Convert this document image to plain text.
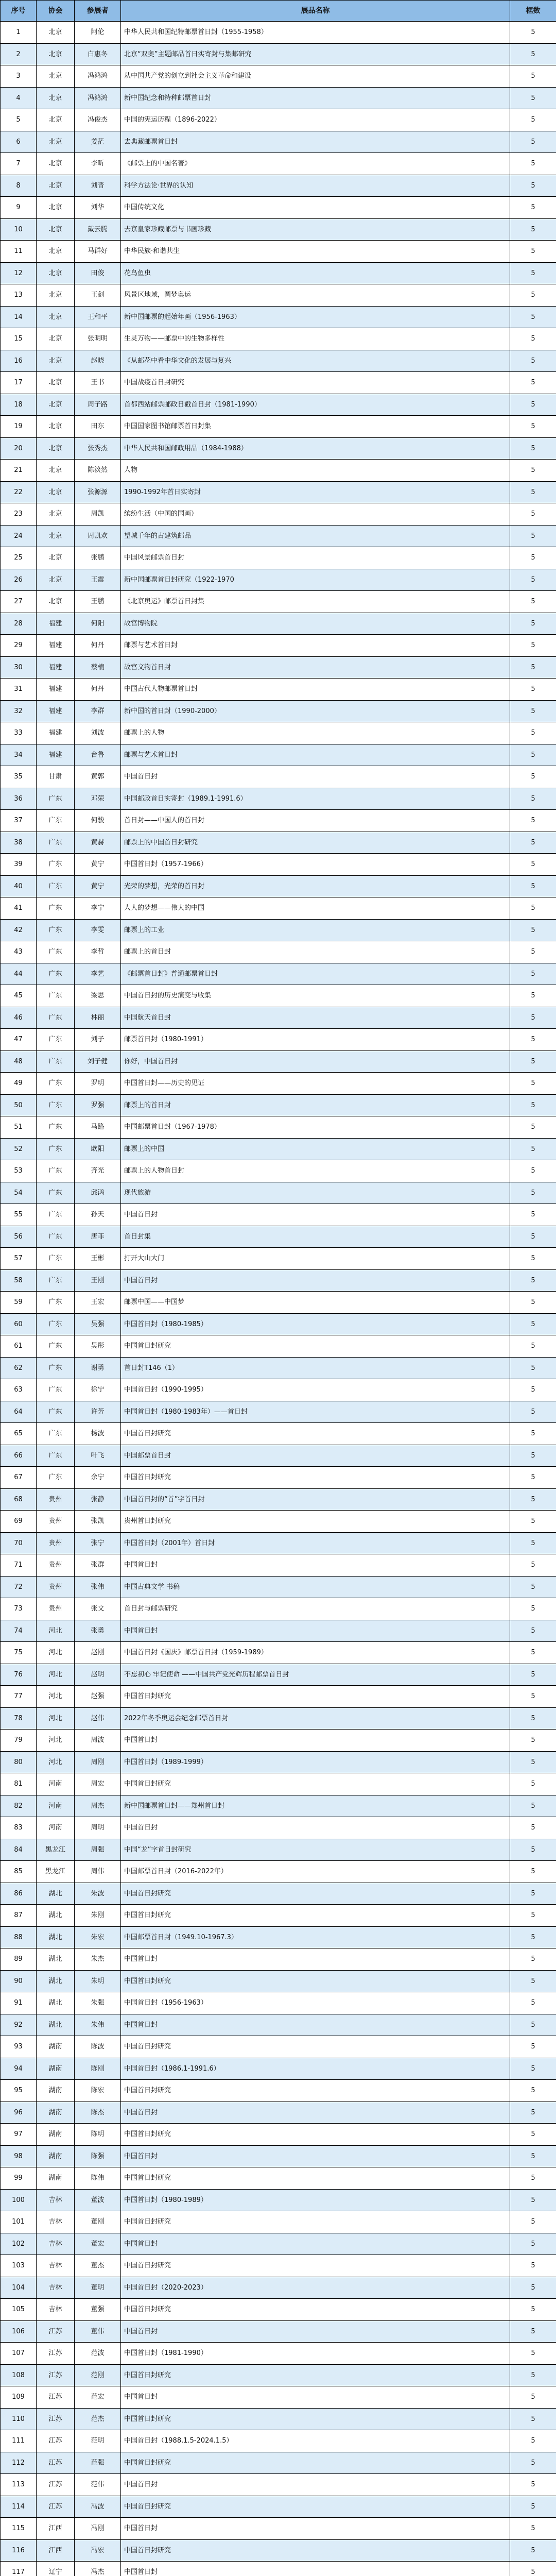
序号	协会	参展者	展品名称	框数
1	北京	阿伦	中华人民共和国纪特邮票首日封（1955-1958）	5
2	北京	白惠冬	北京“双奥”主题邮品首日实寄封与集邮研究	5
3	北京	冯鸿鸿	从中国共产党的创立到社会主义革命和建设	5
4	北京	冯鸿鸿	新中国纪念和特种邮票首日封	5
5	北京	冯俊杰	中国的宪运历程（1896-2022）	5
6	北京	姜茫	去典藏邮票首日封	5
7	北京	李昕	《邮票上的中国名著》	5
8	北京	刘晋	科学方法论·世界的认知	5
9	北京	刘华	中国传统文化	5
10	北京	戴云腾	去京皇家珍藏邮票与书画珍藏	5
11	北京	马群好	中华民族·和谐共生	5
12	北京	田俊	花鸟鱼虫	5
13	北京	王剑	风景区地域，圆梦奥运	5
14	北京	王和平	新中国邮票的起始年画（1956-1963）	5
15	北京	张明明	生灵万物——邮票中的生物多样性	5
16	北京	赵晓	《从邮花中看中华文化的发展与复兴	5
17	北京	王书	中国战疫首日封研究	5
18	北京	周子路	首都西站邮票邮政日戳首日封（1981-1990）	5
19	北京	田东	中国国家图书馆邮票首日封集	5
20	北京	张秀杰	中华人民共和国邮政用品（1984-1988）	5
21	北京	陈淡然	人物	5
22	北京	张源源	1990-1992年首日实寄封	5
23	北京	周凯	缤纷生活（中国的国画）	5
24	北京	周凯欢	望城千年的古建筑邮品	5
25	北京	张鹏	中国风景邮票首日封	5
26	北京	王震	新中国邮票首日封研究（1922-1970	5
27	北京	王鹏	《北京奥运》邮票首日封集	5
28	福建	何阳	故宫博物院	5
29	福建	何丹	邮票与艺术首日封	5
30	福建	蔡楠	故宫文物首日封	5
31	福建	何丹	中国古代人物邮票首日封	5
32	福建	李群	新中国的首日封（1990-2000）	5
33	福建	刘波	邮票上的人物	5
34	福建	台鲁	邮票与艺术首日封	5
35	甘肃	黄郭	中国首日封	5
36	广东	邓荣	中国邮政首日实寄封（1989.1-1991.6）	5
37	广东	何骏	首日封——中国人的首日封	5
38	广东	黄赫	邮票上的中国首日封研究	5
39	广东	黄宁	中国首日封（1957-1966）	5
40	广东	黄宁	光荣的梦想，光荣的首日封	5
41	广东	李宁	人人的梦想——伟大的中国	5
42	广东	李雯	邮票上的工业	5
43	广东	李哲	邮票上的首日封	5
44	广东	李艺	《邮票首日封》普通邮票首日封	5
45	广东	梁思	中国首日封的历史演变与收集	5
46	广东	林丽	中国航天首日封	5
47	广东	刘子	邮票首日封（1980-1991）	5
48	广东	刘子健	你好，中国首日封	5
49	广东	罗明	中国首日封——历史的见证	5
50	广东	罗强	邮票上的首日封	5
51	广东	马路	中国邮票首日封（1967-1978）	5
52	广东	欧阳	邮票上的中国	5
53	广东	齐光	邮票上的人物首日封	5
54	广东	邱鸿	现代旅游	5
55	广东	孙天	中国首日封	5
56	广东	唐菲	首日封集	5
57	广东	王彬	打开大山大门	5
58	广东	王刚	中国首日封	5
59	广东	王宏	邮票中国——中国梦	5
60	广东	吴强	中国首日封（1980-1985）	5
61	广东	吴彤	中国首日封研究	5
62	广东	谢勇	首日封T146（1）	5
63	广东	徐宁	中国首日封（1990-1995）	5
64	广东	许芳	中国首日封（1980-1983年）——首日封	5
65	广东	杨波	中国首日封研究	5
66	广东	叶飞	中国邮票首日封	5
67	广东	余宁	中国首日封研究	5
68	贵州	张静	中国首日封的“首”字首日封	5
69	贵州	张凯	贵州首日封研究	5
70	贵州	张宁	中国首日封（2001年）首日封	5
71	贵州	张群	中国首日封	5
72	贵州	张伟	中国古典文学 书稿	5
73	贵州	张文	首日封与邮票研究	5
74	河北	张勇	中国首日封	5
75	河北	赵刚	中国首日封《国庆》邮票首日封（1959-1989）	5
76	河北	赵明	不忘初心 牢记使命 ——中国共产党光辉历程邮票首日封	5
77	河北	赵强	中国首日封研究	5
78	河北	赵伟	2022年冬季奥运会纪念邮票首日封	5
79	河北	周波	中国首日封	5
80	河北	周刚	中国首日封（1989-1999）	5
81	河南	周宏	中国首日封研究	5
82	河南	周杰	新中国邮票首日封——郑州首日封	5
83	河南	周明	中国首日封	5
84	黑龙江	周强	中国“龙”字首日封研究	5
85	黑龙江	周伟	中国邮票首日封（2016-2022年）	5
86	湖北	朱波	中国首日封研究	5
87	湖北	朱刚	中国首日封研究	5
88	湖北	朱宏	中国邮票首日封（1949.10-1967.3）	5
89	湖北	朱杰	中国首日封	5
90	湖北	朱明	中国首日封研究	5
91	湖北	朱强	中国首日封（1956-1963）	5
92	湖北	朱伟	中国首日封	5
93	湖南	陈波	中国首日封研究	5
94	湖南	陈刚	中国首日封（1986.1-1991.6）	5
95	湖南	陈宏	中国首日封研究	5
96	湖南	陈杰	中国首日封	5
97	湖南	陈明	中国首日封研究	5
98	湖南	陈强	中国首日封	5
99	湖南	陈伟	中国首日封研究	5
100	吉林	董波	中国首日封（1980-1989）	5
101	吉林	董刚	中国首日封研究	5
102	吉林	董宏	中国首日封	5
103	吉林	董杰	中国首日封研究	5
104	吉林	董明	中国首日封（2020-2023）	5
105	吉林	董强	中国首日封研究	5
106	江苏	董伟	中国首日封	5
107	江苏	范波	中国首日封（1981-1990）	5
108	江苏	范刚	中国首日封研究	5
109	江苏	范宏	中国首日封	5
110	江苏	范杰	中国首日封研究	5
111	江苏	范明	中国首日封（1988.1.5-2024.1.5）	5
112	江苏	范强	中国首日封研究	5
113	江苏	范伟	中国首日封	5
114	江苏	冯波	中国首日封研究	5
115	江西	冯刚	中国首日封	5
116	江西	冯宏	中国首日封研究	5
117	辽宁	冯杰	中国首日封	5
